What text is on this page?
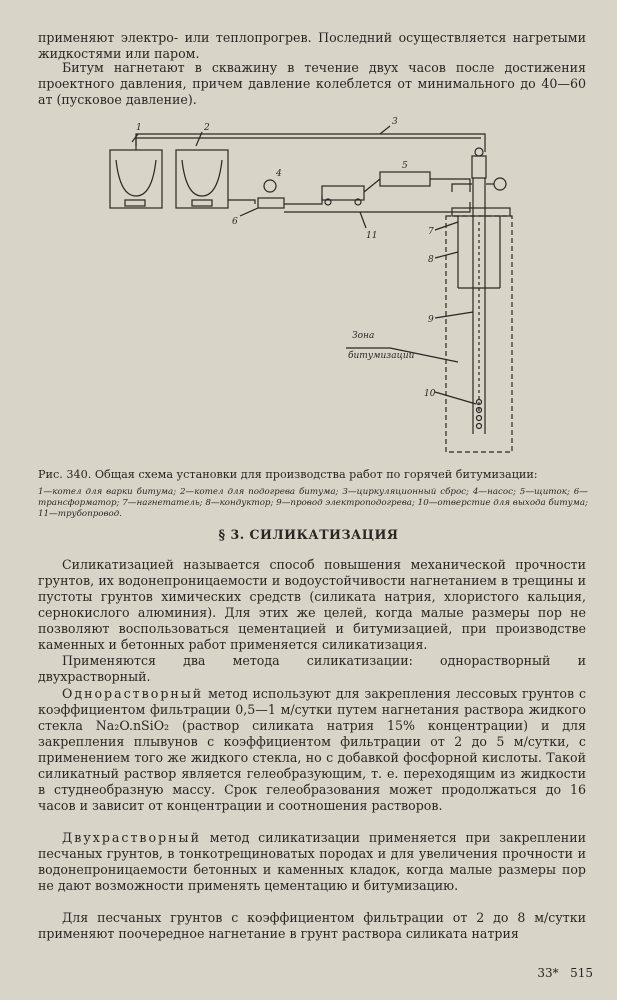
применяют электро- или теплопрогрев. Последний осуществляется нагретыми жидкостями или паром.
Битум нагнетают в скважину в течение двух часов после достижения проектного давления, причем давление колеблется от минимального до 40—60 ат (пусковое давление).
1	2
3
4
5
6
7
8
9
10
11
Зона
битумизации
Рис. 340. Общая схема установки для производства работ по горячей битумизации:
1—котел для варки битума; 2—котел для подогрева битума; 3—циркуляционный сброс; 4—насос; 5—щиток; 6—трансформатор; 7—нагнетатель; 8—кондуктор; 9—провод электроподогрева; 10—отверстие для выхода битума; 11—трубопровод.
§ 3. СИЛИКАТИЗАЦИЯ
Силикатизацией называется способ повышения механической прочности грунтов, их водонепроницаемости и водоустойчивости нагнетанием в трещины и пустоты грунтов химических средств (силиката натрия, хлористого кальция, сернокислого алюминия). Для этих же целей, когда малые размеры пор не позволяют воспользоваться цементацией и битумизацией, при производстве каменных и бетонных работ применяется силикатизация.
Применяются два метода силикатизации: однорастворный и двухрастворный.
Однорастворный метод используют для закрепления лессовых грунтов с коэффициентом фильтрации 0,5—1 м/сутки путем нагнетания раствора жидкого стекла Na₂O.nSiO₂ (раствор силиката натрия 15% концентрации) и для закрепления плывунов с коэффициентом фильтрации от 2 до 5 м/сутки, с применением того же жидкого стекла, но с добавкой фосфорной кислоты. Такой силикатный раствор является гелеобразующим, т. е. переходящим из жидкости в студнеобразную массу. Срок гелеобразования может продолжаться до 16 часов и зависит от концентрации и соотношения растворов.
Двухрастворный метод силикатизации применяется при закреплении песчаных грунтов, в тонкотрещиноватых породах и для увеличения прочности и водонепроницаемости бетонных и каменных кладок, когда малые размеры пор не дают возможности применять цементацию и битумизацию.
Для песчаных грунтов с коэффициентом фильтрации от 2 до 8 м/сутки применяют поочередное нагнетание в грунт раствора силиката натрия
33* 515
